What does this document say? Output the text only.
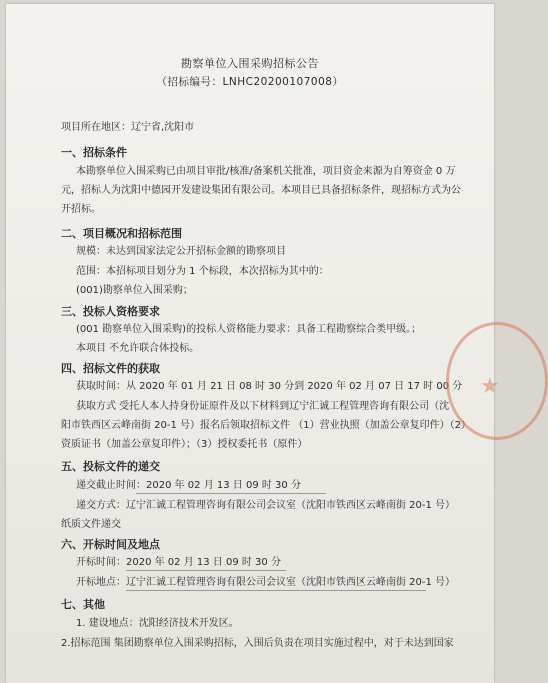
勘察单位入围采购招标公告
（招标编号：LNHC20200107008）
项目所在地区：辽宁省,沈阳市
一、招标条件
本勘察单位入围采购已由项目审批/核准/备案机关批准，项目资金来源为自筹资金 0 万
元，招标人为沈阳中德园开发建设集团有限公司。本项目已具备招标条件，现招标方式为公
开招标。
二、项目概况和招标范围
规模：未达到国家法定公开招标金额的勘察项目
范围：本招标项目划分为 1 个标段，本次招标为其中的：
(001)勘察单位入围采购；
三、投标人资格要求
(001 勘察单位入围采购)的投标人资格能力要求：具备工程勘察综合类甲级。；
本项目 不允许联合体投标。
四、招标文件的获取
获取时间：从 2020 年 01 月 21 日 08 时 30 分到 2020 年 02 月 07 日 17 时 00 分
获取方式 受托人本人持身份证原件及以下材料到辽宁汇诚工程管理咨询有限公司（沈
阳市铁西区云峰南街 20-1 号）报名后领取招标文件 （1）营业执照（加盖公章复印件）（2）
资质证书（加盖公章复印件）；（3）授权委托书（原件）
五、投标文件的递交
递交截止时间：2020 年 02 月 13 日 09 时 30 分
递交方式：辽宁汇诚工程管理咨询有限公司会议室（沈阳市铁西区云峰南街 20-1 号）
纸质文件递交
六、开标时间及地点
开标时间：2020 年 02 月 13 日 09 时 30 分
开标地点：辽宁汇诚工程管理咨询有限公司会议室（沈阳市铁西区云峰南街 20-1 号）
七、其他
1. 建设地点：沈阳经济技术开发区。
2.招标范围 集团勘察单位入围采购招标，入围后负责在项目实施过程中，对于未达到国家
★
